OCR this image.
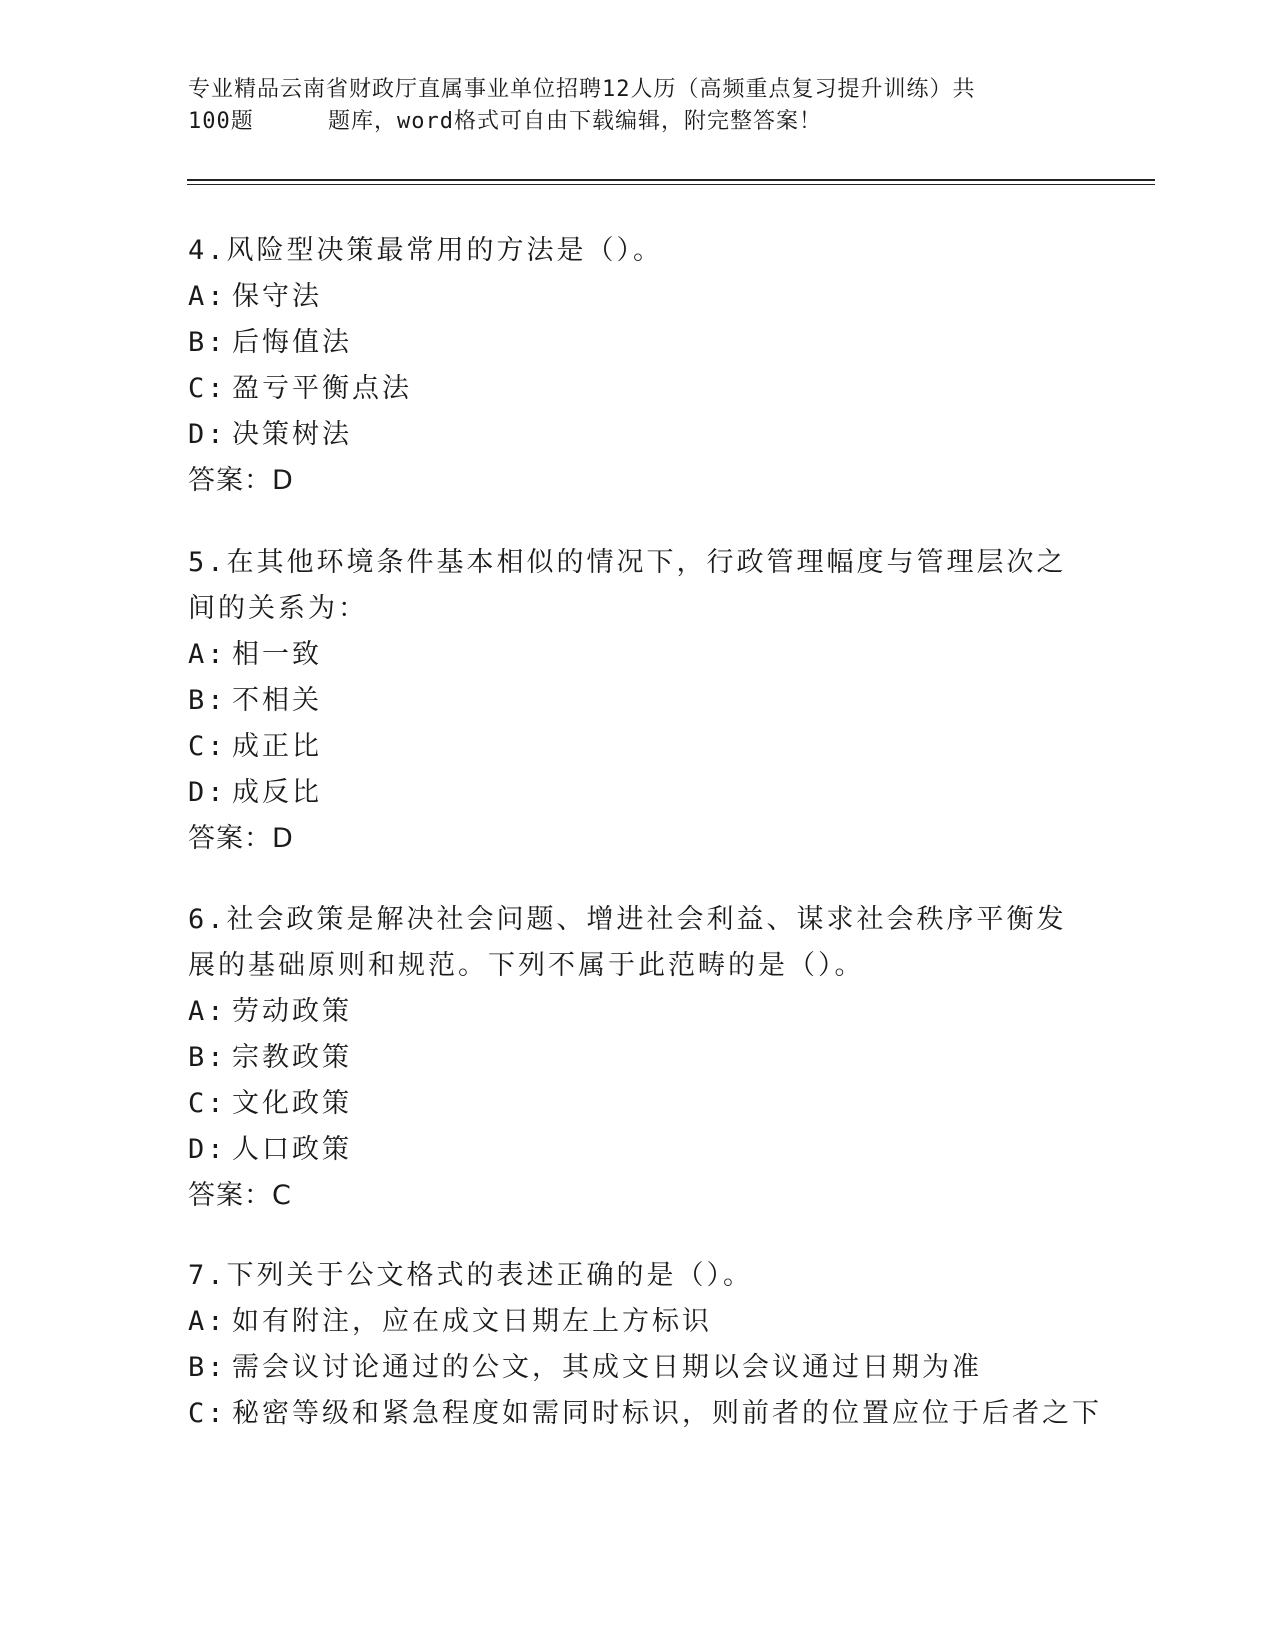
专业精品云南省财政厅直属事业单位招聘12人历（高频重点复习提升训练）共
100题	题库，word格式可自由下载编辑，附完整答案！
4.风险型决策最常用的方法是（）。
A: 保守法
B: 后悔值法
C: 盈亏平衡点法
D: 决策树法
答案：D
5.在其他环境条件基本相似的情况下，行政管理幅度与管理层次之间的关系为：
A: 相一致
B: 不相关
C: 成正比
D: 成反比
答案：D
6.社会政策是解决社会问题、增进社会利益、谋求社会秩序平衡发展的基础原则和规范。下列不属于此范畴的是（）。
A: 劳动政策
B: 宗教政策
C: 文化政策
D: 人口政策
答案：C
7.下列关于公文格式的表述正确的是（）。
A: 如有附注，应在成文日期左上方标识
B: 需会议讨论通过的公文，其成文日期以会议通过日期为准
C: 秘密等级和紧急程度如需同时标识，则前者的位置应位于后者之下
